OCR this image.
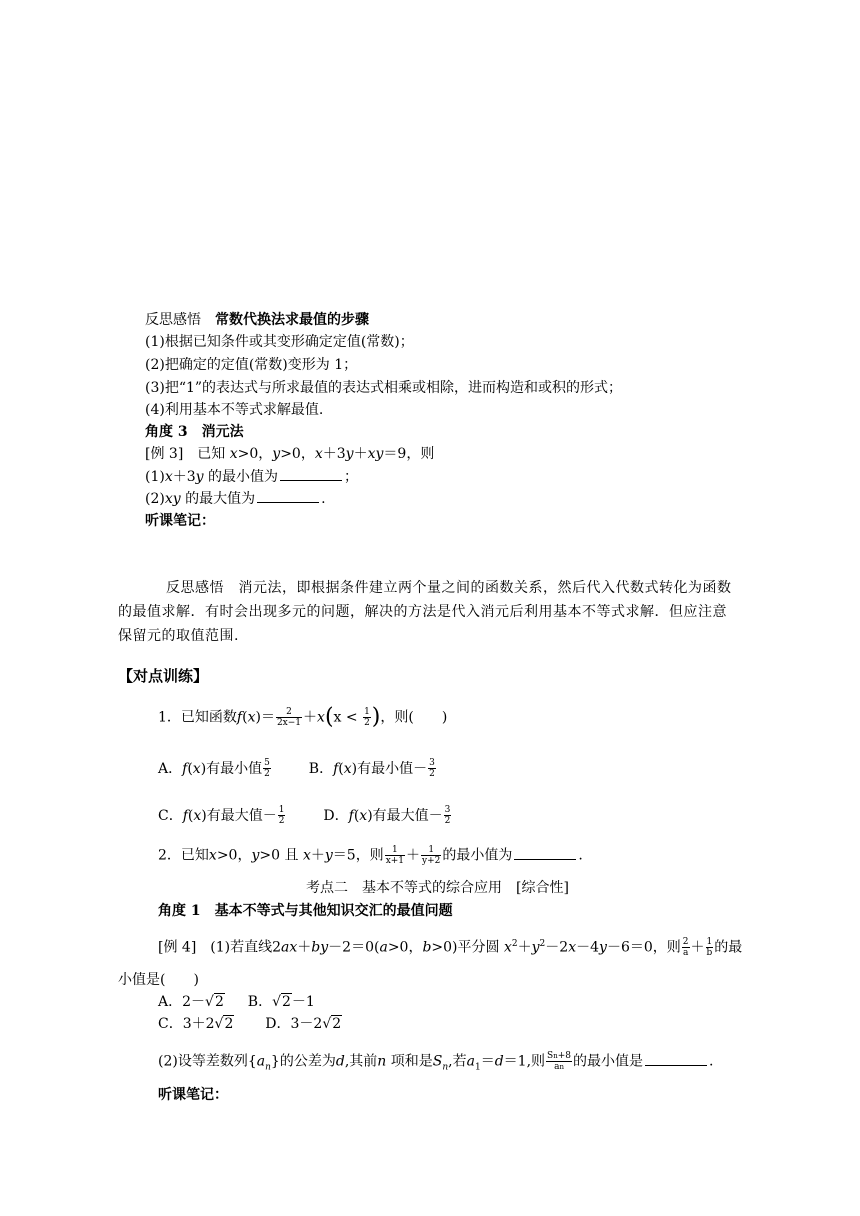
反思感悟　 常数代换法求最值的步骤
(1)根据已知条件或其变形确定定值(常数)；
(2)把确定的定值(常数)变形为 1；
(3)把“1”的表达式与所求最值的表达式相乘或相除，进而构造和或积的形式；
(4)利用基本不等式求解最值.
角度 3　消元法
[例 3]　 已知 x>0，y>0，x＋3y＋xy＝9，则
(1)x＋3y 的最小值为	；
(2)xy 的最大值为	.
听课笔记：
反思感悟　消元法，即根据条件建立两个量之间的函数关系，然后代入代数式转化为函数的最值求解．有时会出现多元的问题，解决的方法是代入消元后利用基本不等式求解．但应注意保留元的取值范围.
【对点训练】
1．已知函数$f(x)= \frac{2}{2x-1} +x(x < \frac{1}{2}$ )，则(　　)
A．f(x)有最小值 $\frac{5}{2}$	B．f(x)有最小值－ $\frac{3}{2}$
C．f(x)有最大值－ $\frac{1}{2}$	D．f(x)有最大值－ $\frac{3}{2}$
2．已知x>0，y>0 且 x＋y＝5，则 $\frac{1}{x+1} + \frac{1}{y+2}$ 的最小值为	.
考点二　基本不等式的综合应用　[综合性]
角度 1　基本不等式与其他知识交汇的最值问题
[例 4]　 (1)若直线2ax＋by－2＝0(a>0，b>0)平分圆 $x^2+y^2-2x-4y-6=0$，则 $\frac{2}{a} + \frac{1}{b}$ 的最
小值是(　　)
A．2－√2 B．√2－1
C．3＋2√2 D．3－2√2
(2)设等差数列$\{a_n\}$的公差为d,其前n 项和是$S_n$,若$a_1=d=1$,则 $\frac{Sn+8}{an}$ 的最小值是	.
听课笔记：
